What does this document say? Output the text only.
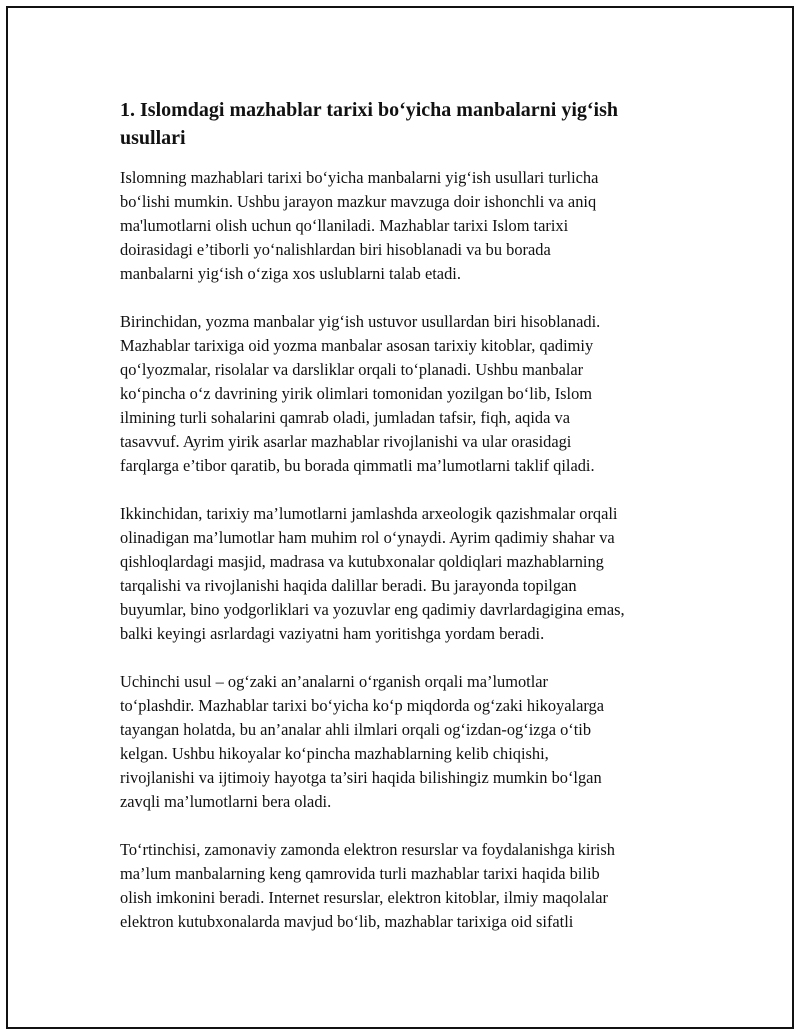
1. Islomdagi mazhablar tarixi bo‘yicha manbalarni yig‘ish
usullari

Islomning mazhablari tarixi bo‘yicha manbalarni yig‘ish usullari turlicha
bo‘lishi mumkin. Ushbu jarayon mazkur mavzuga doir ishonchli va aniq
ma'lumotlarni olish uchun qo‘llaniladi. Mazhablar tarixi Islom tarixi
doirasidagi e’tiborli yo‘nalishlardan biri hisoblanadi va bu borada
manbalarni yig‘ish o‘ziga xos uslublarni talab etadi.

Birinchidan, yozma manbalar yig‘ish ustuvor usullardan biri hisoblanadi.
Mazhablar tarixiga oid yozma manbalar asosan tarixiy kitoblar, qadimiy
qo‘lyozmalar, risolalar va darsliklar orqali to‘planadi. Ushbu manbalar
ko‘pincha o‘z davrining yirik olimlari tomonidan yozilgan bo‘lib, Islom
ilmining turli sohalarini qamrab oladi, jumladan tafsir, fiqh, aqida va
tasavvuf. Ayrim yirik asarlar mazhablar rivojlanishi va ular orasidagi
farqlarga e’tibor qaratib, bu borada qimmatli ma’lumotlarni taklif qiladi.

Ikkinchidan, tarixiy ma’lumotlarni jamlashda arxeologik qazishmalar orqali
olinadigan ma’lumotlar ham muhim rol o‘ynaydi. Ayrim qadimiy shahar va
qishloqlardagi masjid, madrasa va kutubxonalar qoldiqlari mazhablarning
tarqalishi va rivojlanishi haqida dalillar beradi. Bu jarayonda topilgan
buyumlar, bino yodgorliklari va yozuvlar eng qadimiy davrlardagigina emas,
balki keyingi asrlardagi vaziyatni ham yoritishga yordam beradi.

Uchinchi usul – og‘zaki an’analarni o‘rganish orqali ma’lumotlar
to‘plashdir. Mazhablar tarixi bo‘yicha ko‘p miqdorda og‘zaki hikoyalarga
tayangan holatda, bu an’analar ahli ilmlari orqali og‘izdan-og‘izga o‘tib
kelgan. Ushbu hikoyalar ko‘pincha mazhablarning kelib chiqishi,
rivojlanishi va ijtimoiy hayotga ta’siri haqida bilishingiz mumkin bo‘lgan
zavqli ma’lumotlarni bera oladi.

To‘rtinchisi, zamonaviy zamonda elektron resurslar va foydalanishga kirish
ma’lum manbalarning keng qamrovida turli mazhablar tarixi haqida bilib
olish imkonini beradi. Internet resurslar, elektron kitoblar, ilmiy maqolalar
elektron kutubxonalarda mavjud bo‘lib, mazhablar tarixiga oid sifatli
